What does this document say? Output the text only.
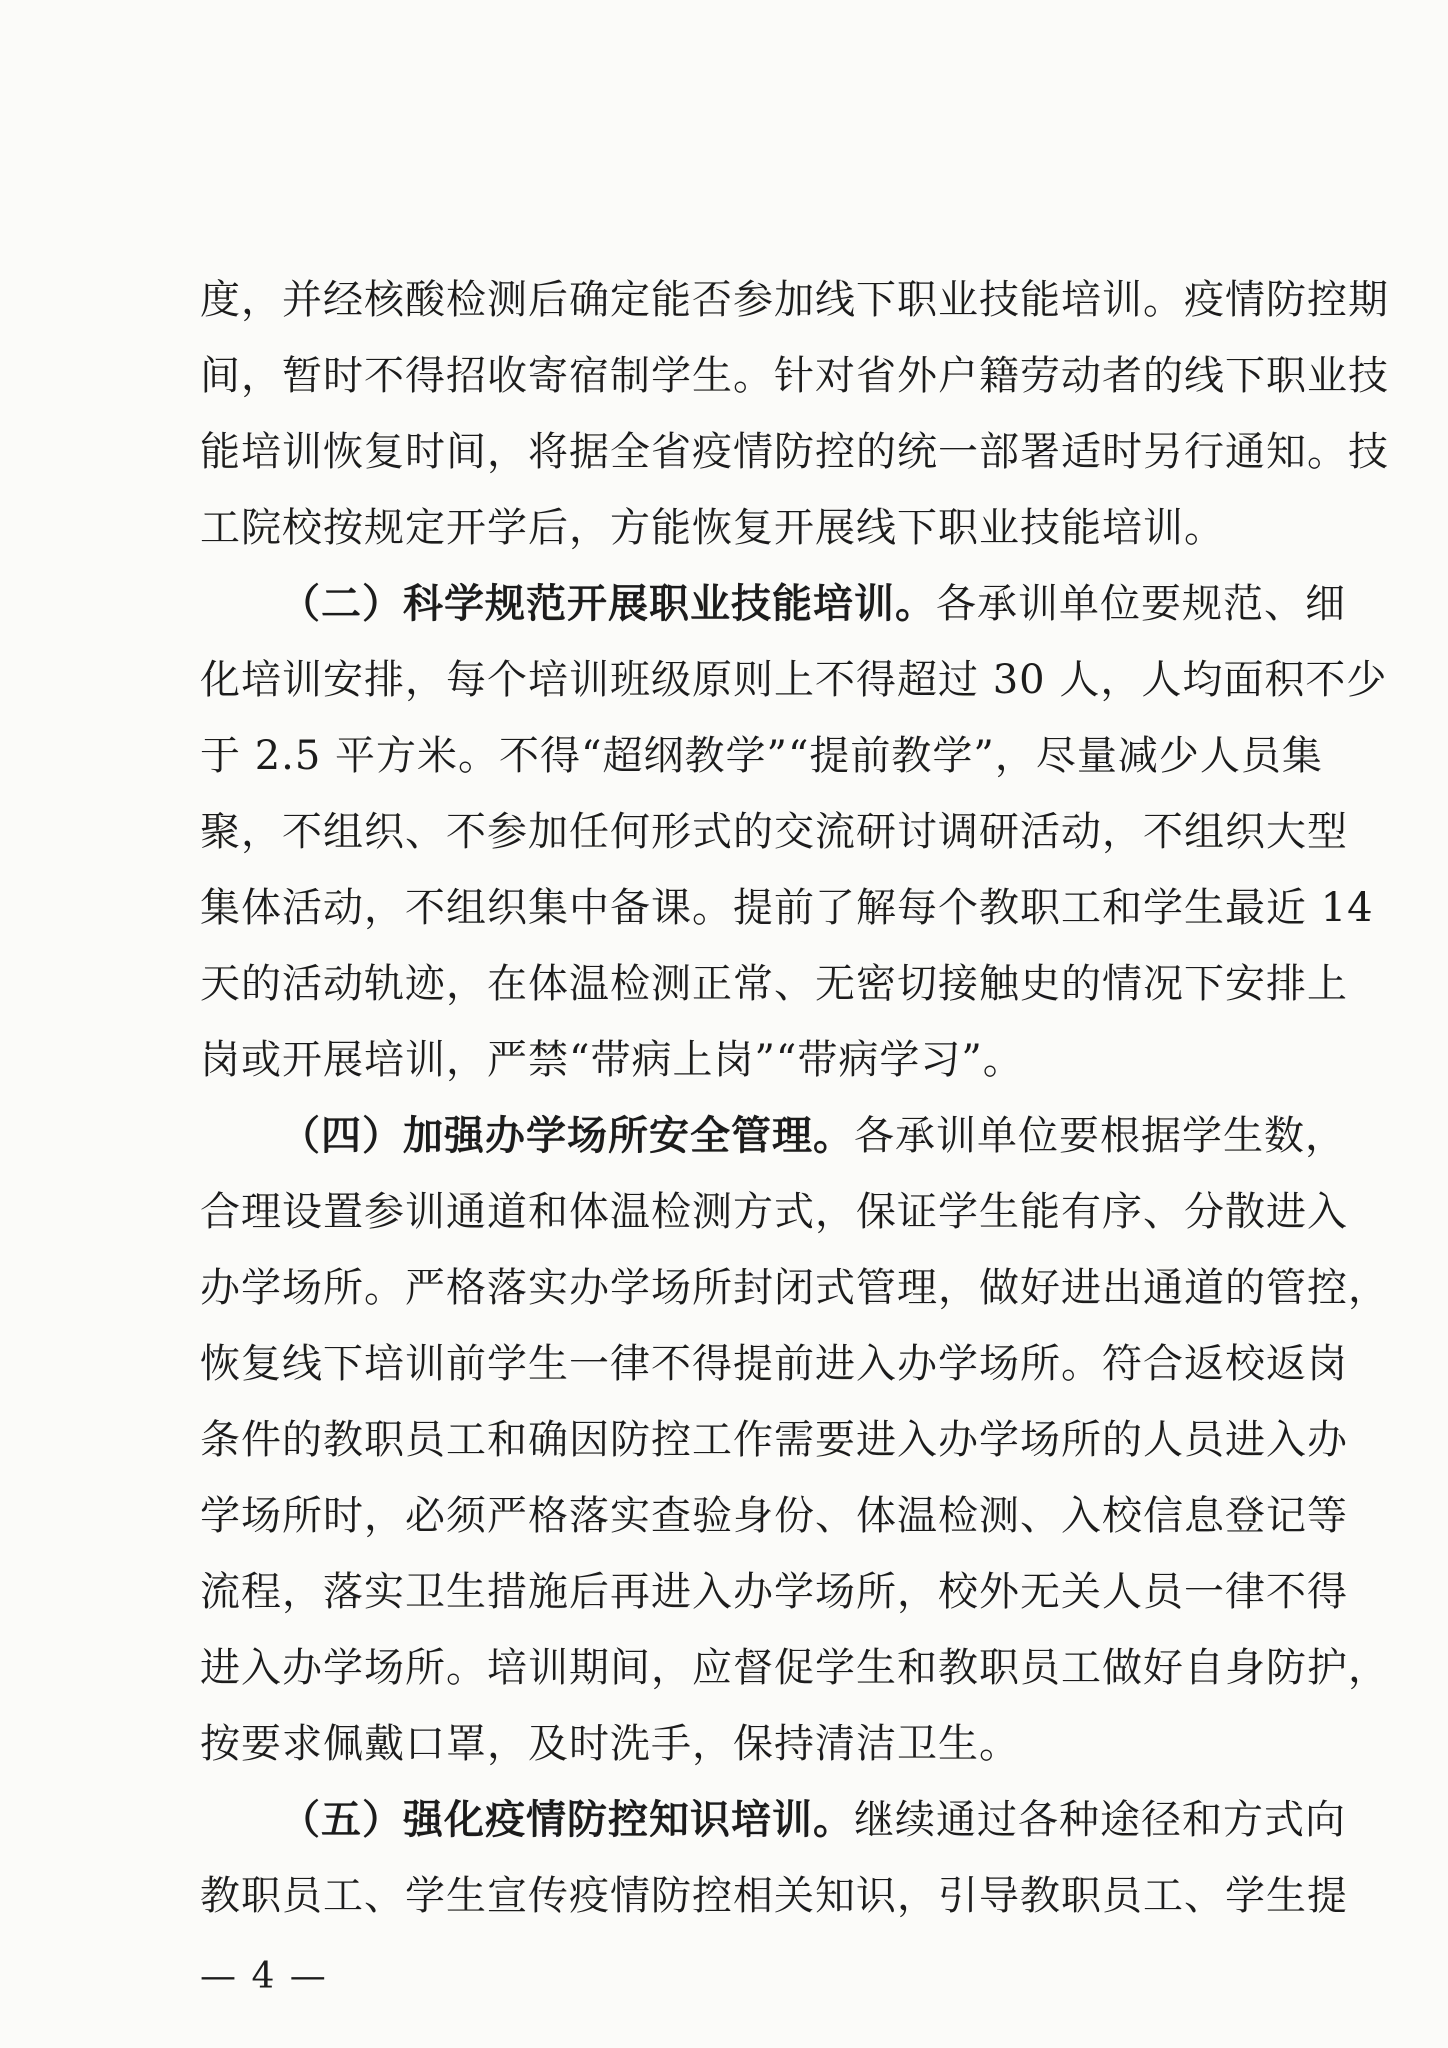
度，并经核酸检测后确定能否参加线下职业技能培训。疫情防控期
间，暂时不得招收寄宿制学生。针对省外户籍劳动者的线下职业技
能培训恢复时间，将据全省疫情防控的统一部署适时另行通知。技
工院校按规定开学后，方能恢复开展线下职业技能培训。
（二）科学规范开展职业技能培训。各承训单位要规范、细
化培训安排，每个培训班级原则上不得超过 30 人，人均面积不少
于 2.5 平方米。不得“超纲教学”“提前教学”，尽量减少人员集
聚，不组织、不参加任何形式的交流研讨调研活动，不组织大型
集体活动，不组织集中备课。提前了解每个教职工和学生最近 14
天的活动轨迹，在体温检测正常、无密切接触史的情况下安排上
岗或开展培训，严禁“带病上岗”“带病学习”。
（四）加强办学场所安全管理。各承训单位要根据学生数，
合理设置参训通道和体温检测方式，保证学生能有序、分散进入
办学场所。严格落实办学场所封闭式管理，做好进出通道的管控，
恢复线下培训前学生一律不得提前进入办学场所。符合返校返岗
条件的教职员工和确因防控工作需要进入办学场所的人员进入办
学场所时，必须严格落实查验身份、体温检测、入校信息登记等
流程，落实卫生措施后再进入办学场所，校外无关人员一律不得
进入办学场所。培训期间，应督促学生和教职员工做好自身防护，
按要求佩戴口罩，及时洗手，保持清洁卫生。
（五）强化疫情防控知识培训。继续通过各种途径和方式向
教职员工、学生宣传疫情防控相关知识，引导教职员工、学生提
— 4 —
